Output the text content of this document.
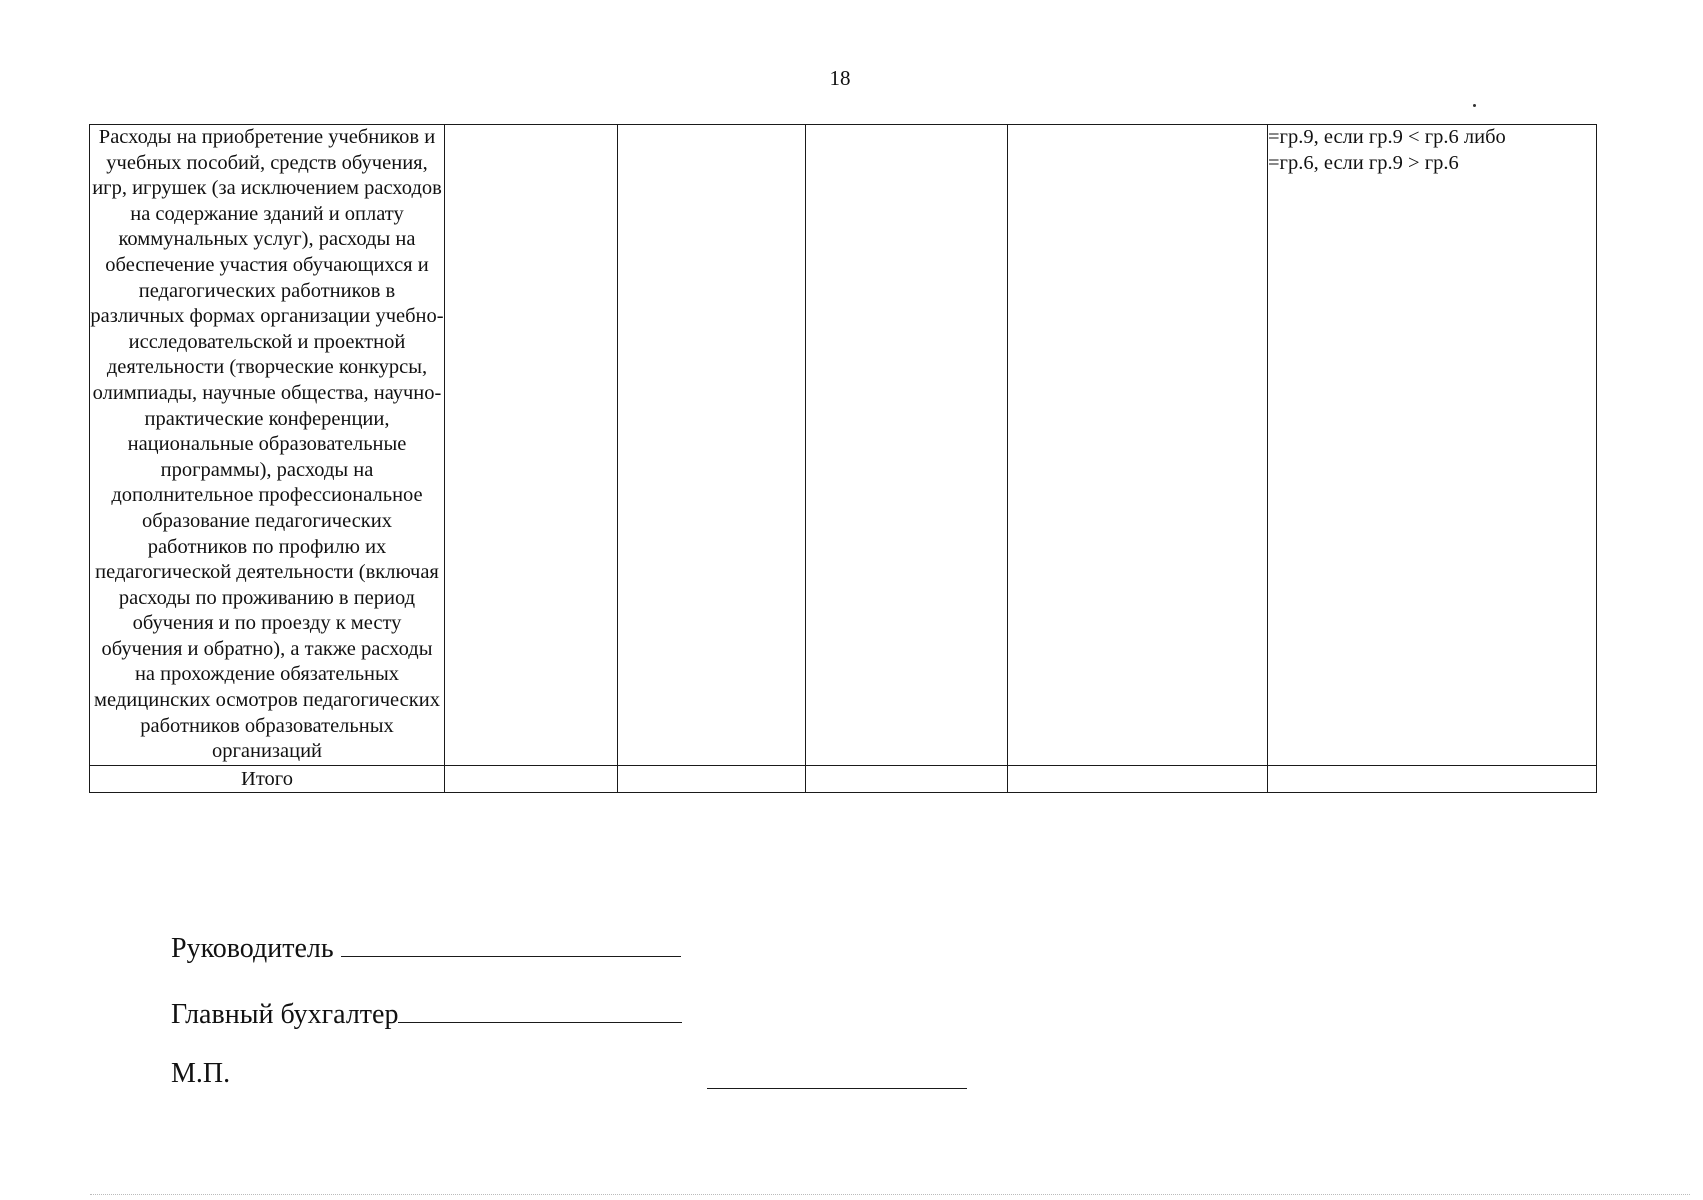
18
Расходы на приобретение учебников и учебных пособий, средств обучения, игр, игрушек (за исключением расходов на содержание зданий и оплату коммунальных услуг), расходы на обеспечение участия обучающихся и педагогических работников в различных формах организации учебно-исследовательской и проектной деятельности (творческие конкурсы, олимпиады, научные общества, научно-практические конференции, национальные образовательные программы), расходы на дополнительное профессиональное образование педагогических работников по профилю их педагогической деятельности (включая расходы по проживанию в период обучения и по проезду к месту обучения и обратно), а также расходы на прохождение обязательных медицинских осмотров педагогических работников образовательных организаций					=гр.9, если гр.9 < гр.6 либо
=гр.6, если гр.9 > гр.6

Итого					
Руководитель
Главный бухгалтер
М.П.
